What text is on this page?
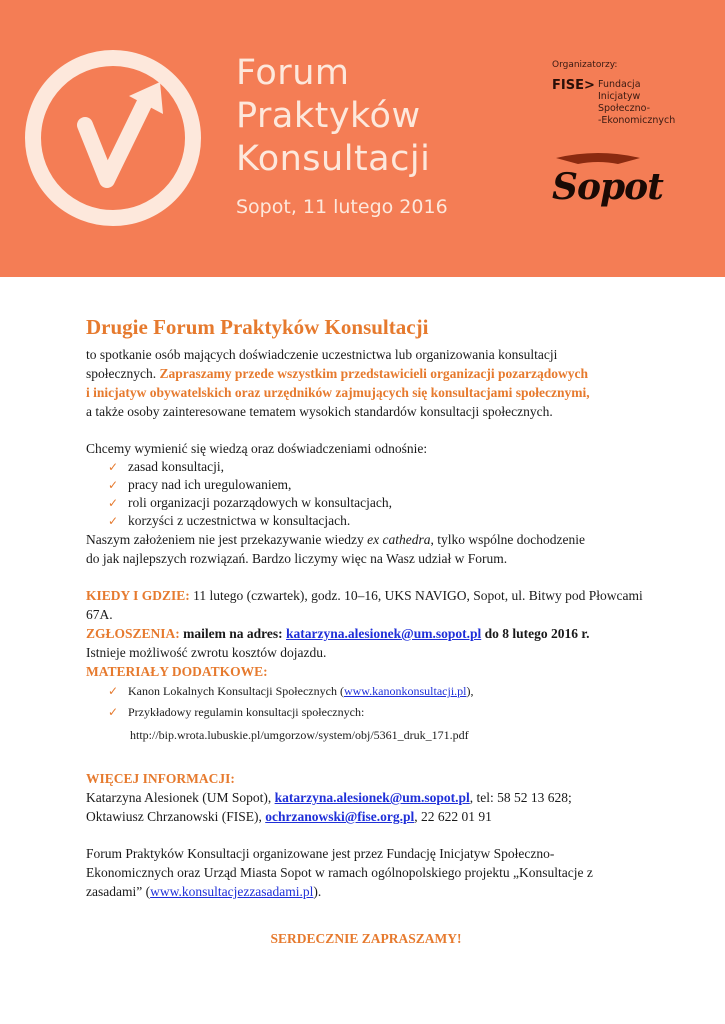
Forum
Praktyków
Konsultacji
Sopot, 11 lutego 2016
Organizatorzy:
FISE> Fundacja
Inicjatyw
Społeczno-
-Ekonomicznych
Sopot
Drugie Forum Praktyków Konsultacji

to spotkanie osób mających doświadczenie uczestnictwa lub organizowania konsultacji

społecznych. Zapraszamy przede wszystkim przedstawicieli organizacji pozarządowych

i inicjatyw obywatelskich oraz urzędników zajmujących się konsultacjami społecznymi,

a także osoby zainteresowane tematem wysokich standardów konsultacji społecznych.

Chcemy wymienić się wiedzą oraz doświadczeniami odnośnie:

✓ zasad konsultacji,
✓ pracy nad ich uregulowaniem,
✓ roli organizacji pozarządowych w konsultacjach,
✓ korzyści z uczestnictwa w konsultacjach.

Naszym założeniem nie jest przekazywanie wiedzy ex cathedra, tylko wspólne dochodzenie

do jak najlepszych rozwiązań. Bardzo liczymy więc na Wasz udział w Forum.

KIEDY I GDZIE: 11 lutego (czwartek), godz. 10–16, UKS NAVIGO, Sopot, ul. Bitwy pod Płowcami

67A.

ZGŁOSZENIA: mailem na adres: katarzyna.alesionek@um.sopot.pl do 8 lutego 2016 r.

Istnieje możliwość zwrotu kosztów dojazdu.

MATERIAŁY DODATKOWE:

✓ Kanon Lokalnych Konsultacji Społecznych (www.kanonkonsultacji.pl),
✓ Przykładowy regulamin konsultacji społecznych:
http://bip.wrota.lubuskie.pl/umgorzow/system/obj/5361_druk_171.pdf

WIĘCEJ INFORMACJI:

Katarzyna Alesionek (UM Sopot), katarzyna.alesionek@um.sopot.pl, tel: 58 52 13 628;

Oktawiusz Chrzanowski (FISE), ochrzanowski@fise.org.pl, 22 622 01 91

Forum Praktyków Konsultacji organizowane jest przez Fundację Inicjatyw Społeczno-

Ekonomicznych oraz Urząd Miasta Sopot w ramach ogólnopolskiego projektu „Konsultacje z

zasadami” (www.konsultacjezzasadami.pl).

SERDECZNIE ZAPRASZAMY!
